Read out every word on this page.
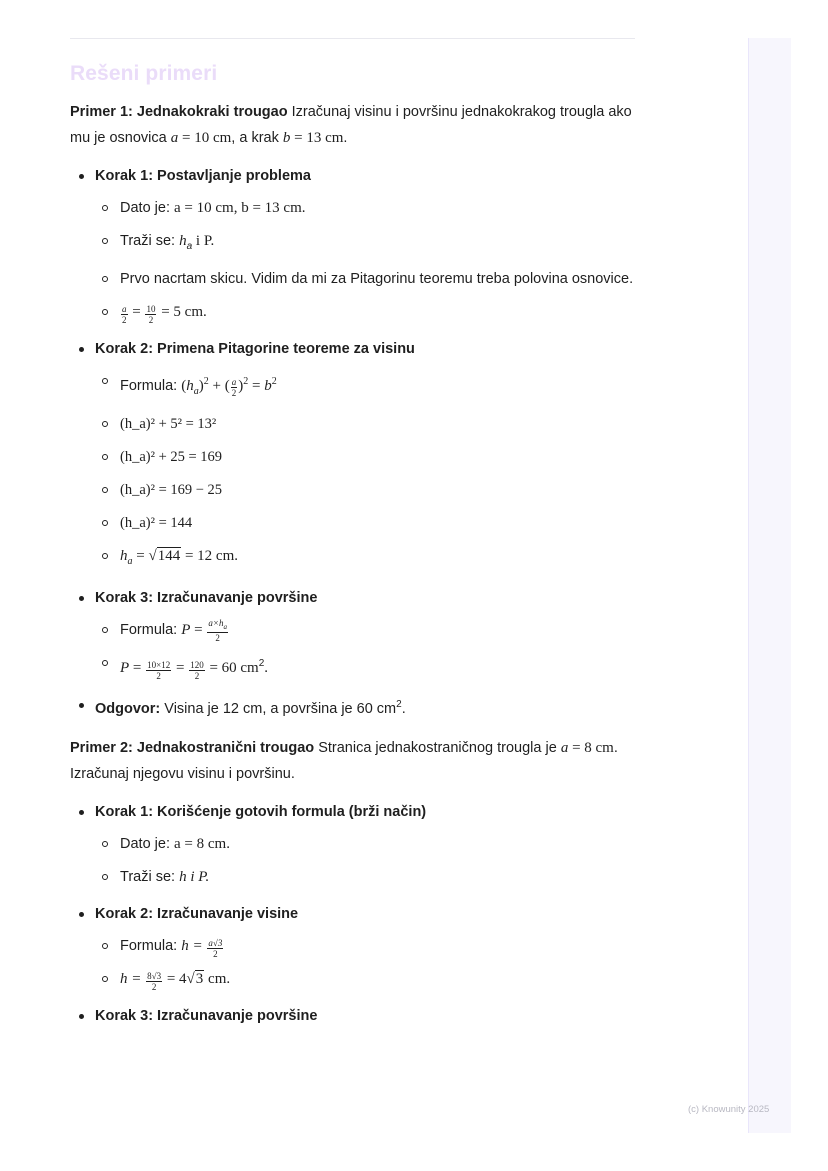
Rešeni primeri

Primer 1: Jednakokraki trougao Izračunaj visinu i površinu jednakokrakog trougla ako mu je osnovica a = 10 cm, a krak b = 13 cm.

Korak 1: Postavljanje problema
Dato je: a = 10 cm, b = 13 cm.
Traži se: $h_a$ i P.
Prvo nacrtam skicu. Vidim da mi za Pitagorinu teoremu treba polovina osnovice.
$\frac{a}{2} = \frac{10}{2} = 5$ cm.
Korak 2: Primena Pitagorine teoreme za visinu
Formula: $(h_a)^2$ + ( $\frac{a}{2} )^2 = b^2$
(h_a)² + 5² = 13²
(h_a)² + 25 = 169
(h_a)² = 169 − 25
(h_a)² = 144
$h_a = √144 = 12$ cm.
Korak 3: Izračunavanje površine
Formula: $P = \frac{a\times h_a}{2}$
$P = \frac{10\times 12}{2} = \frac{120}{2} = 60$ $cm^2$.
Odgovor: Visina je 12 cm, a površina je 60 $cm^2$.

Primer 2: Jednakostranični trougao Stranica jednakostraničnog trougla je a = 8 cm. Izračunaj njegovu visinu i površinu.

Korak 1: Korišćenje gotovih formula (brži način)
Dato je: a = 8 cm.
Traži se: h i P.
Korak 2: Izračunavanje visine
Formula: $h = \frac{a√3}{2}$
$h = \frac{8√3}{2} = 4√3$ cm.
Korak 3: Izračunavanje površine
(c) Knowunity 2025
